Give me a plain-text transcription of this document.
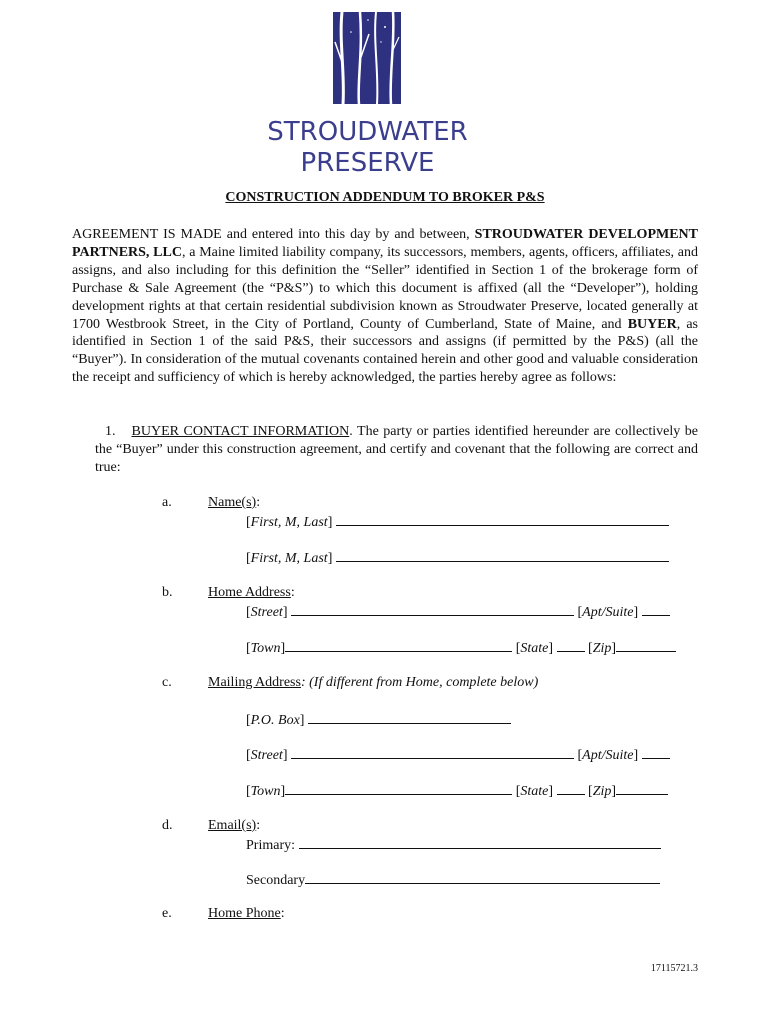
STROUDWATER
PRESERVE
CONSTRUCTION ADDENDUM TO BROKER P&S
AGREEMENT IS MADE and entered into this day by and between, STROUDWATER DEVELOPMENT PARTNERS, LLC, a Maine limited liability company, its successors, members, agents, officers, affiliates, and assigns, and also including for this definition the “Seller” identified in Section 1 of the brokerage form of Purchase & Sale Agreement (the “P&S”) to which this document is affixed (all the “Developer”), holding development rights at that certain residential subdivision known as Stroudwater Preserve, located generally at 1700 Westbrook Street, in the City of Portland, County of Cumberland, State of Maine, and BUYER, as identified in Section 1 of the said P&S, their successors and assigns (if permitted by the P&S) (all the “Buyer”). In consideration of the mutual covenants contained herein and other good and valuable consideration the receipt and sufficiency of which is hereby acknowledged, the parties hereby agree as follows:
1. BUYER CONTACT INFORMATION. The party or parties identified hereunder are collectively be the “Buyer” under this construction agreement, and certify and covenant that the following are correct and true:
a.	Name(s):
[First, M, Last]
[First, M, Last]
b.	Home Address:
[Street]	[Apt/Suite]
[Town]	[State]  [Zip]
c.	Mailing Address: (If different from Home, complete below)
[P.O. Box]
[Street]	[Apt/Suite]
[Town]	[State]  [Zip]
d.	Email(s):
Primary:
Secondary
e.	Home Phone:
17115721.3
